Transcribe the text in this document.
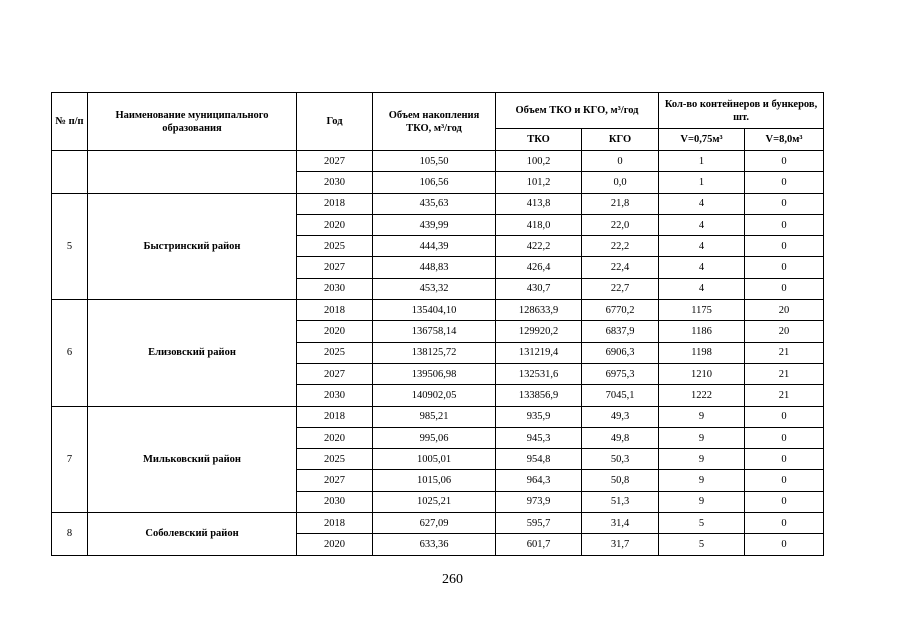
№ п/п	Наименование муниципального образования	Год	Объем накопления ТКО, м³/год	Объем ТКО и КГО, м³/год		Кол-во контейнеров и бункеров, шт.	
				ТКО	КГО	V=0,75м³	V=8,0м³
		2027	105,50	100,2	0	1	0
		2030	106,56	101,2	0,0	1	0
5	Быстринский район	2018	435,63	413,8	21,8	4	0
		2020	439,99	418,0	22,0	4	0
		2025	444,39	422,2	22,2	4	0
		2027	448,83	426,4	22,4	4	0
		2030	453,32	430,7	22,7	4	0
6	Елизовский район	2018	135404,10	128633,9	6770,2	1175	20
		2020	136758,14	129920,2	6837,9	1186	20
		2025	138125,72	131219,4	6906,3	1198	21
		2027	139506,98	132531,6	6975,3	1210	21
		2030	140902,05	133856,9	7045,1	1222	21
7	Мильковский район	2018	985,21	935,9	49,3	9	0
		2020	995,06	945,3	49,8	9	0
		2025	1005,01	954,8	50,3	9	0
		2027	1015,06	964,3	50,8	9	0
		2030	1025,21	973,9	51,3	9	0
8	Соболевский район	2018	627,09	595,7	31,4	5	0
		2020	633,36	601,7	31,7	5	0
260
